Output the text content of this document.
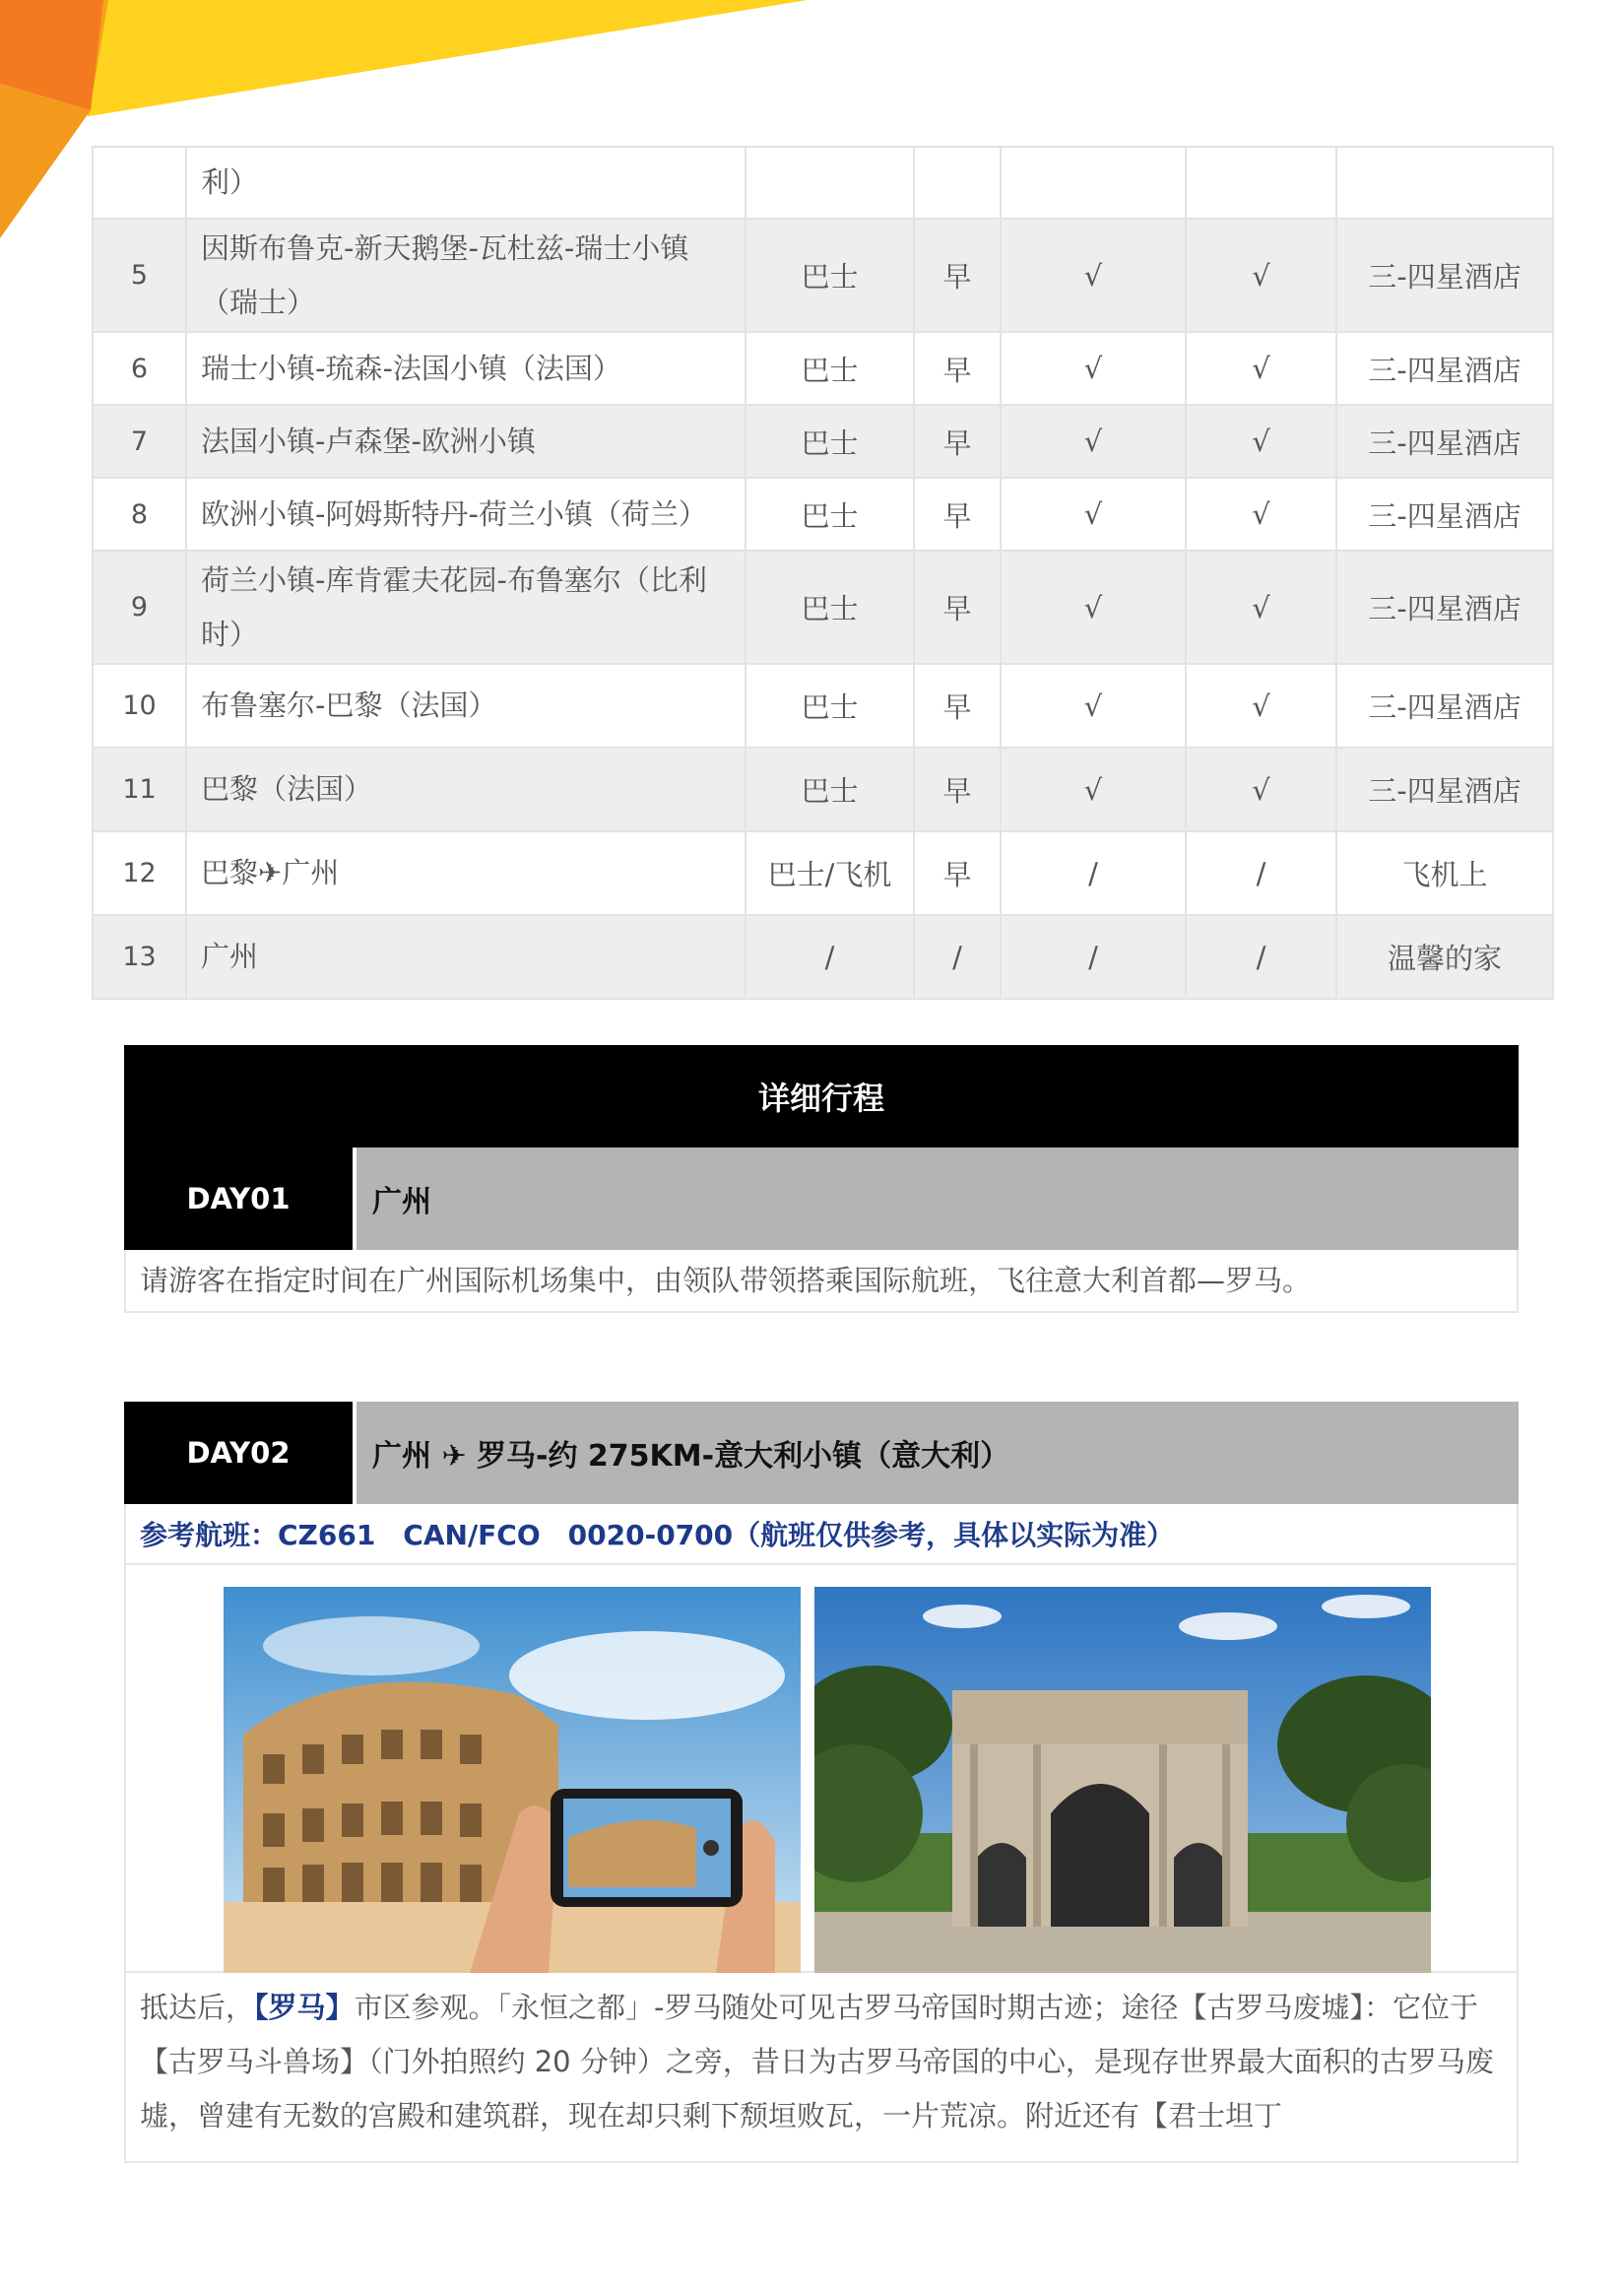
	利）					
5	因斯布鲁克-新天鹅堡-瓦杜兹-瑞士小镇（瑞士）	巴士	早	√	√	三-四星酒店
6	瑞士小镇-琉森-法国小镇（法国）	巴士	早	√	√	三-四星酒店
7	法国小镇-卢森堡-欧洲小镇	巴士	早	√	√	三-四星酒店
8	欧洲小镇-阿姆斯特丹-荷兰小镇（荷兰）	巴士	早	√	√	三-四星酒店
9	荷兰小镇-库肯霍夫花园-布鲁塞尔（比利时）	巴士	早	√	√	三-四星酒店
10	布鲁塞尔-巴黎（法国）	巴士	早	√	√	三-四星酒店
11	巴黎（法国）	巴士	早	√	√	三-四星酒店
12	巴黎✈广州	巴士/飞机	早	/	/	飞机上
13	广州	/	/	/	/	温馨的家
详细行程
DAY01	广州
请游客在指定时间在广州国际机场集中，由领队带领搭乘国际航班，飞往意大利首都—罗马。
DAY02	广州 ✈ 罗马-约 275KM-意大利小镇（意大利）
参考航班：CZ661　CAN/FCO　0020-0700（航班仅供参考，具体以实际为准）
抵达后，【罗马】市区参观。「永恒之都」-罗马随处可见古罗马帝国时期古迹；途径【古罗马废墟】：它位于【古罗马斗兽场】（门外拍照约 20 分钟）之旁，昔日为古罗马帝国的中心，是现存世界最大面积的古罗马废墟，曾建有无数的宫殿和建筑群，现在却只剩下颓垣败瓦，一片荒凉。附近还有【君士坦丁
